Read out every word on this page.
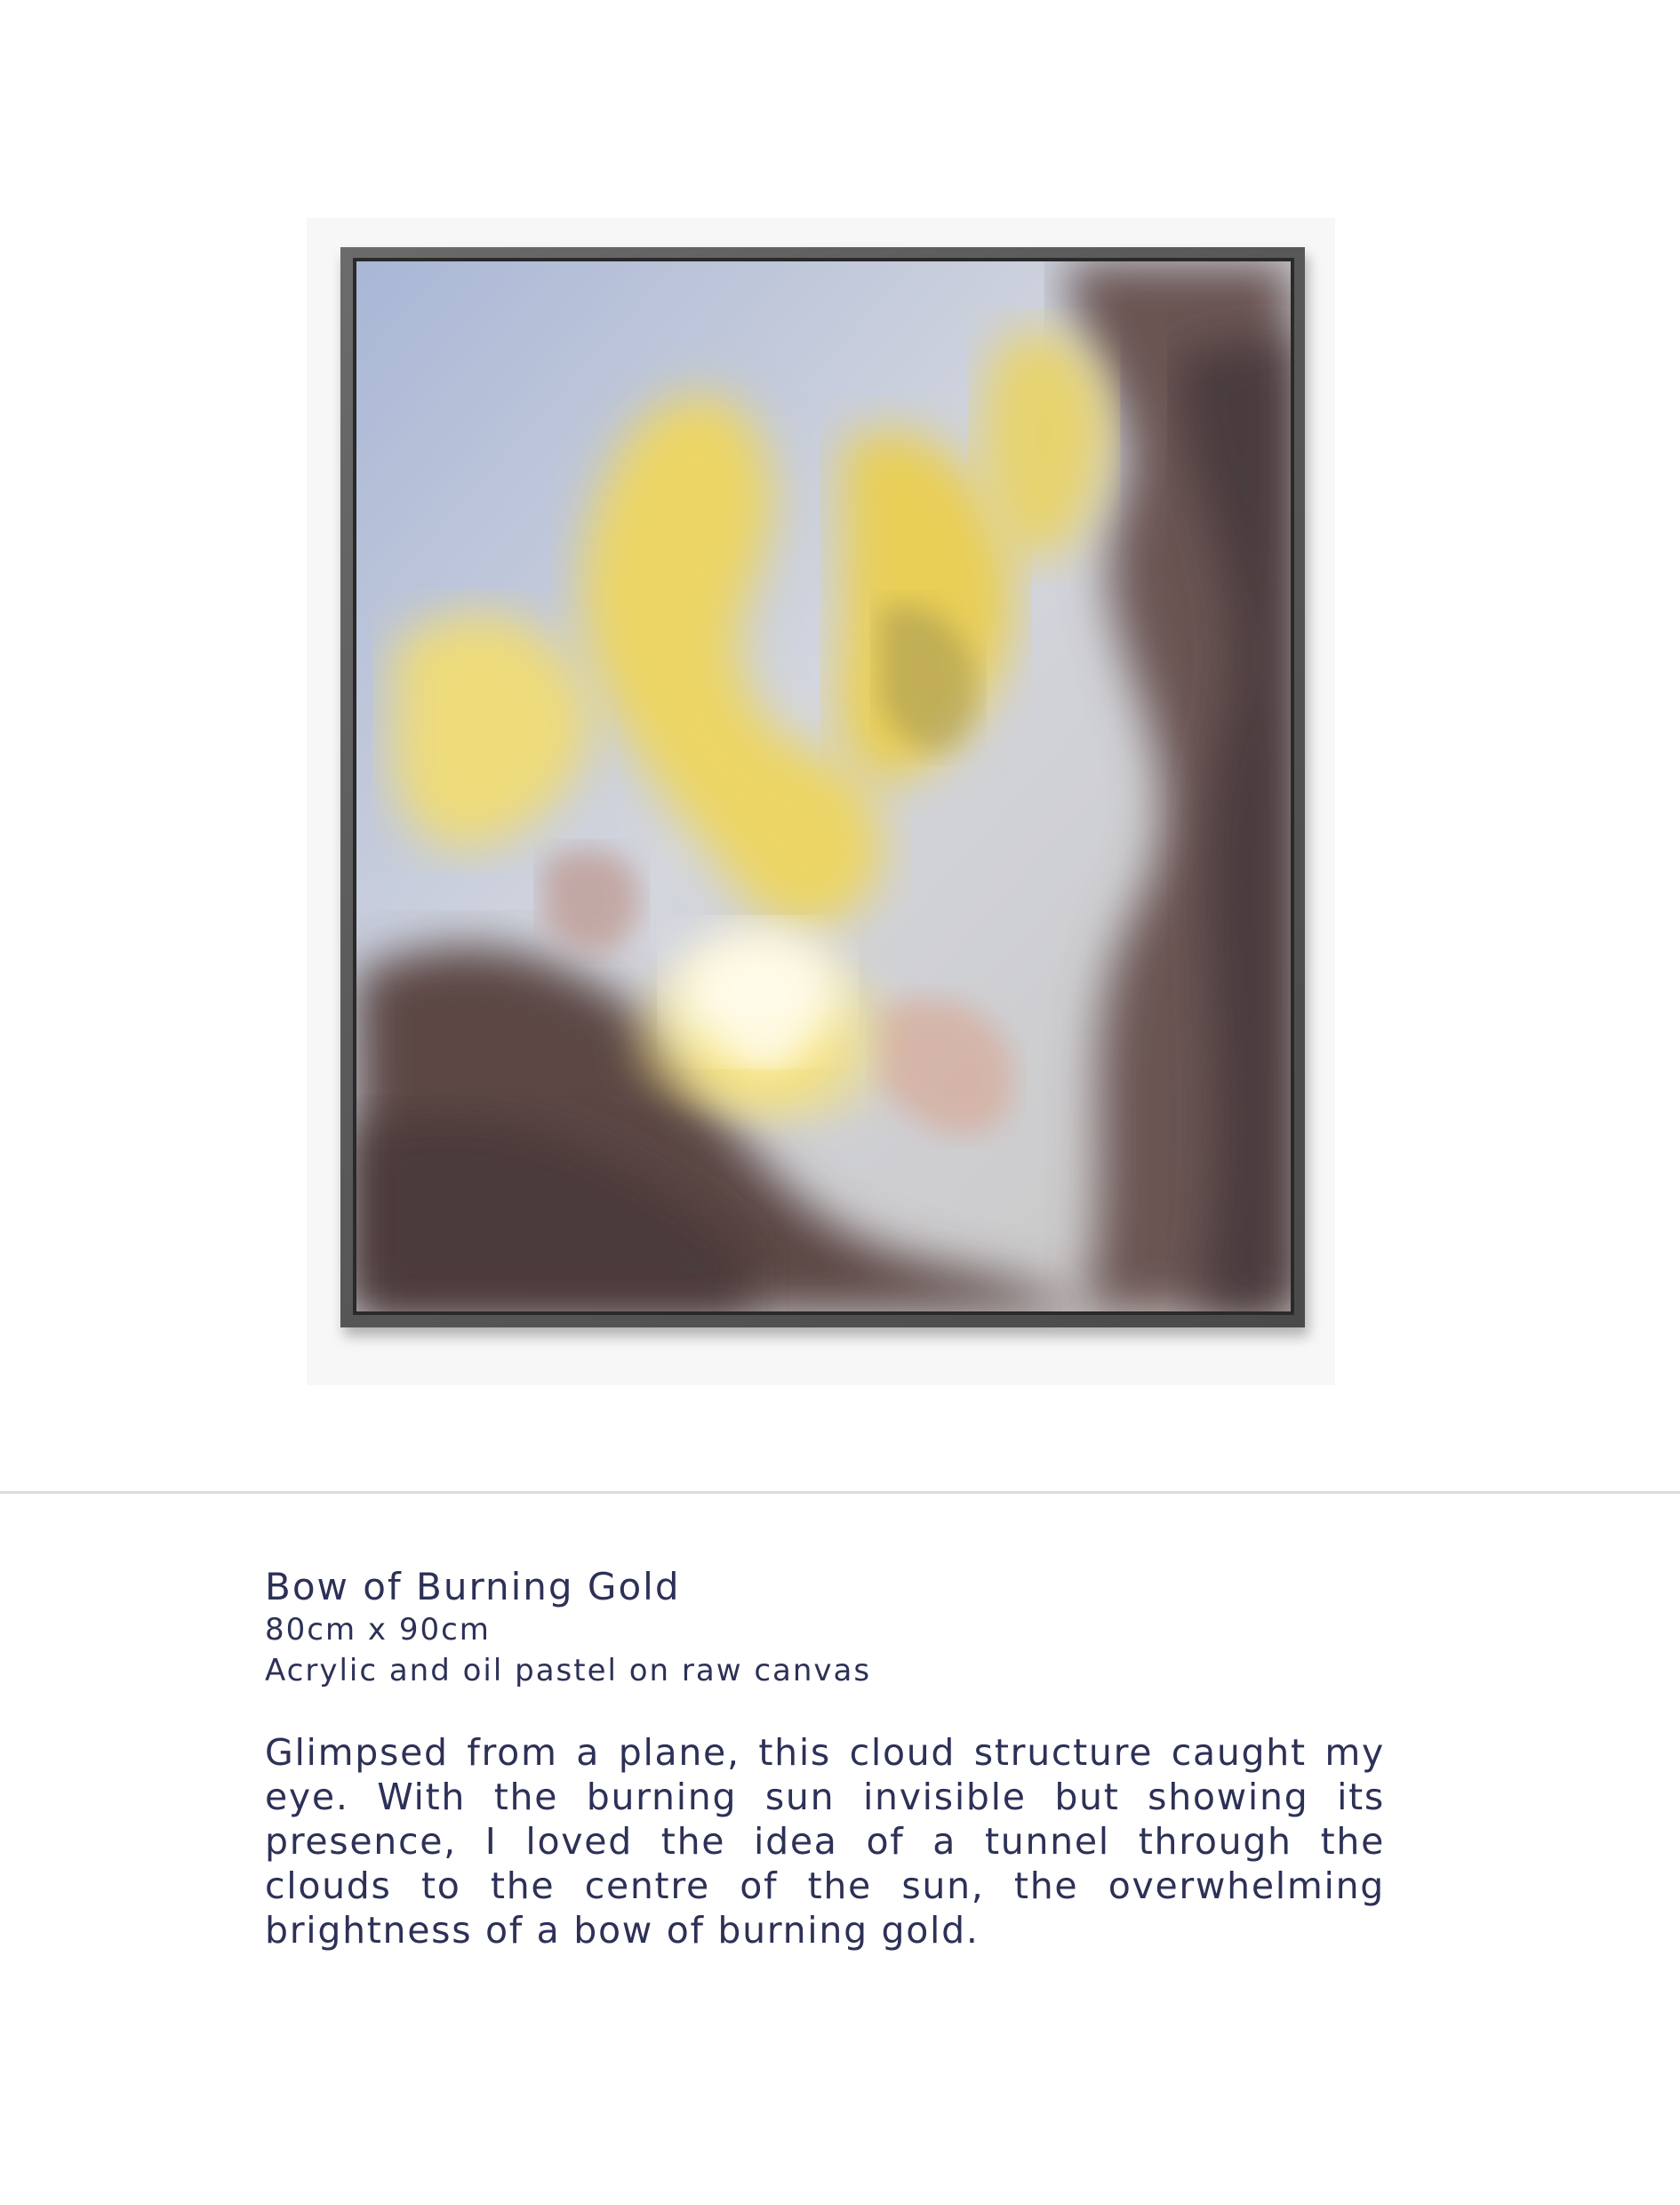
Bow of Burning Gold

80cm x 90cm

Acrylic and oil pastel on raw canvas

Glimpsed from a plane, this cloud structure caught my eye. With the burning sun invisible but showing its presence, I loved the idea of a tunnel through the clouds to the centre of the sun, the overwhelming brightness of a bow of burning gold.
